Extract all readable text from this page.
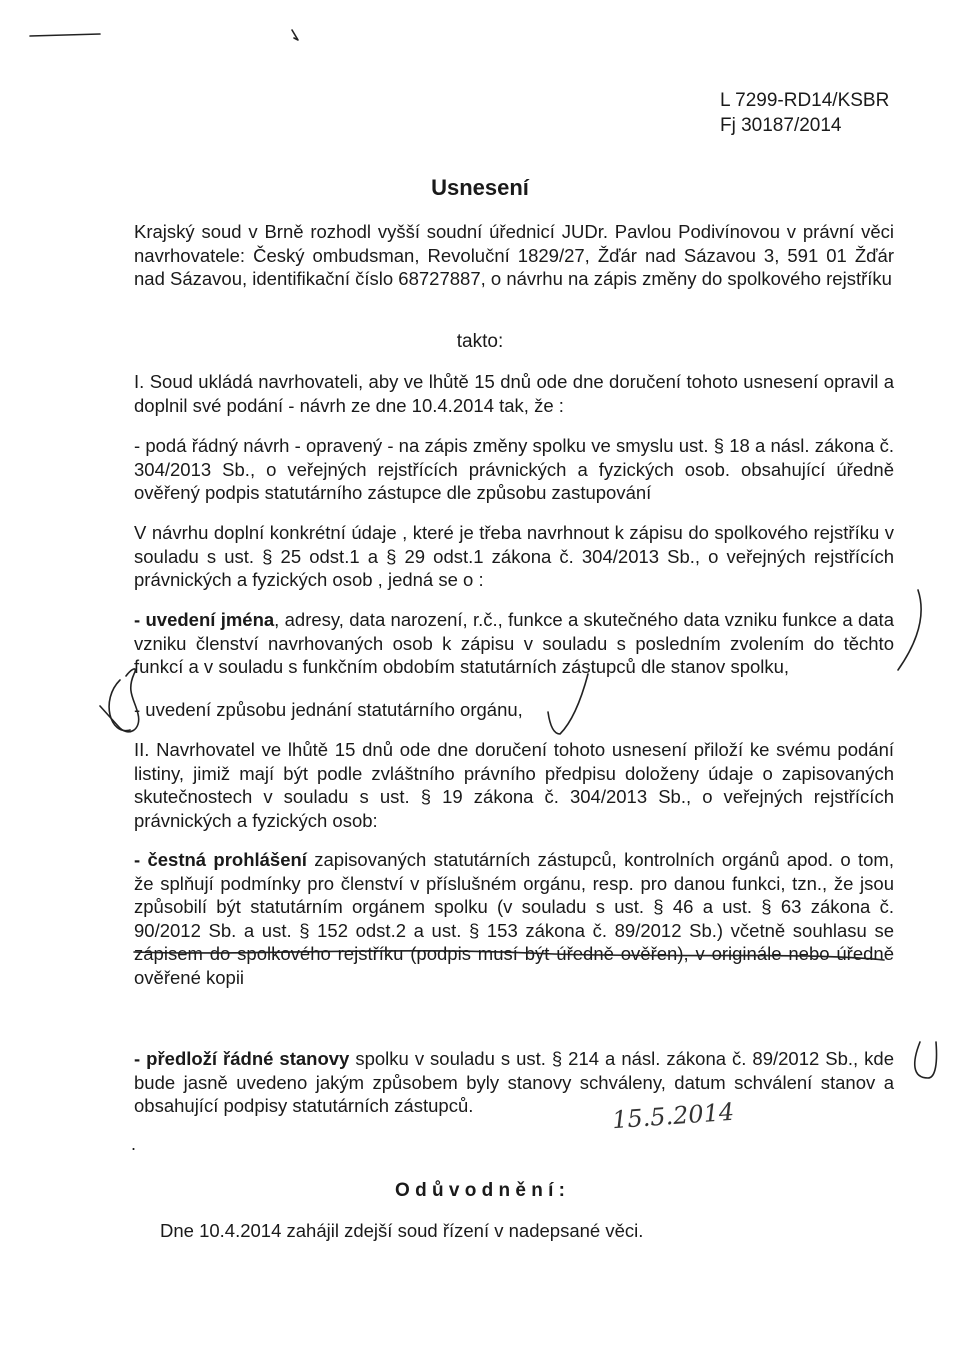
L 7299-RD14/KSBR
Fj 30187/2014
Usnesení

Krajský soud v Brně rozhodl vyšší soudní úřednicí JUDr. Pavlou Podivínovou v právní věci navrhovatele: Český ombudsman, Revoluční 1829/27, Žďár nad Sázavou 3, 591 01 Žďár nad Sázavou, identifikační číslo 68727887, o návrhu na zápis změny do spolkového rejstříku

takto:

I. Soud ukládá navrhovateli, aby ve lhůtě 15 dnů ode dne doručení tohoto usnesení opravil a doplnil své podání - návrh ze dne 10.4.2014 tak, že :

- podá řádný návrh - opravený - na zápis změny spolku ve smyslu ust. § 18 a násl. zákona č. 304/2013 Sb., o veřejných rejstřících právnických a fyzických osob. obsahující úředně ověřený podpis statutárního zástupce dle způsobu zastupování

V návrhu doplní konkrétní údaje , které je třeba navrhnout k zápisu do spolkového rejstříku v souladu s ust. § 25 odst.1 a § 29 odst.1 zákona č. 304/2013 Sb., o veřejných rejstřících právnických a fyzických osob , jedná se o :

- uvedení jména, adresy, data narození, r.č., funkce a skutečného data vzniku funkce a data vzniku členství navrhovaných osob k zápisu v souladu s posledním zvolením do těchto funkcí a v souladu s funkčním obdobím statutárních zástupců dle stanov spolku,

- uvedení způsobu jednání statutárního orgánu,

II. Navrhovatel ve lhůtě 15 dnů ode dne doručení tohoto usnesení přiloží ke svému podání listiny, jimiž mají být podle zvláštního právního předpisu doloženy údaje o zapisovaných skutečnostech v souladu s ust. § 19 zákona č. 304/2013 Sb., o veřejných rejstřících právnických a fyzických osob:

- čestná prohlášení zapisovaných statutárních zástupců, kontrolních orgánů apod. o tom, že splňují podmínky pro členství v příslušném orgánu, resp. pro danou funkci, tzn., že jsou způsobilí být statutárním orgánem spolku (v souladu s ust. § 46 a ust. § 63 zákona č. 90/2012 Sb. a ust. § 152 odst.2 a ust. § 153 zákona č. 89/2012 Sb.) včetně souhlasu se zápisem do spolkového rejstříku (podpis musí být úředně ověřen), v originále nebo úředně ověřené kopii

- předloží řádné stanovy spolku v souladu s ust. § 214 a násl. zákona č. 89/2012 Sb., kde bude jasně uvedeno jakým způsobem byly stanovy schváleny, datum schválení stanov a obsahující podpisy statutárních zástupců.	15.5.2014
.
O d ů v o d n ě n í :
Dne 10.4.2014 zahájil zdejší soud řízení v nadepsané věci.
